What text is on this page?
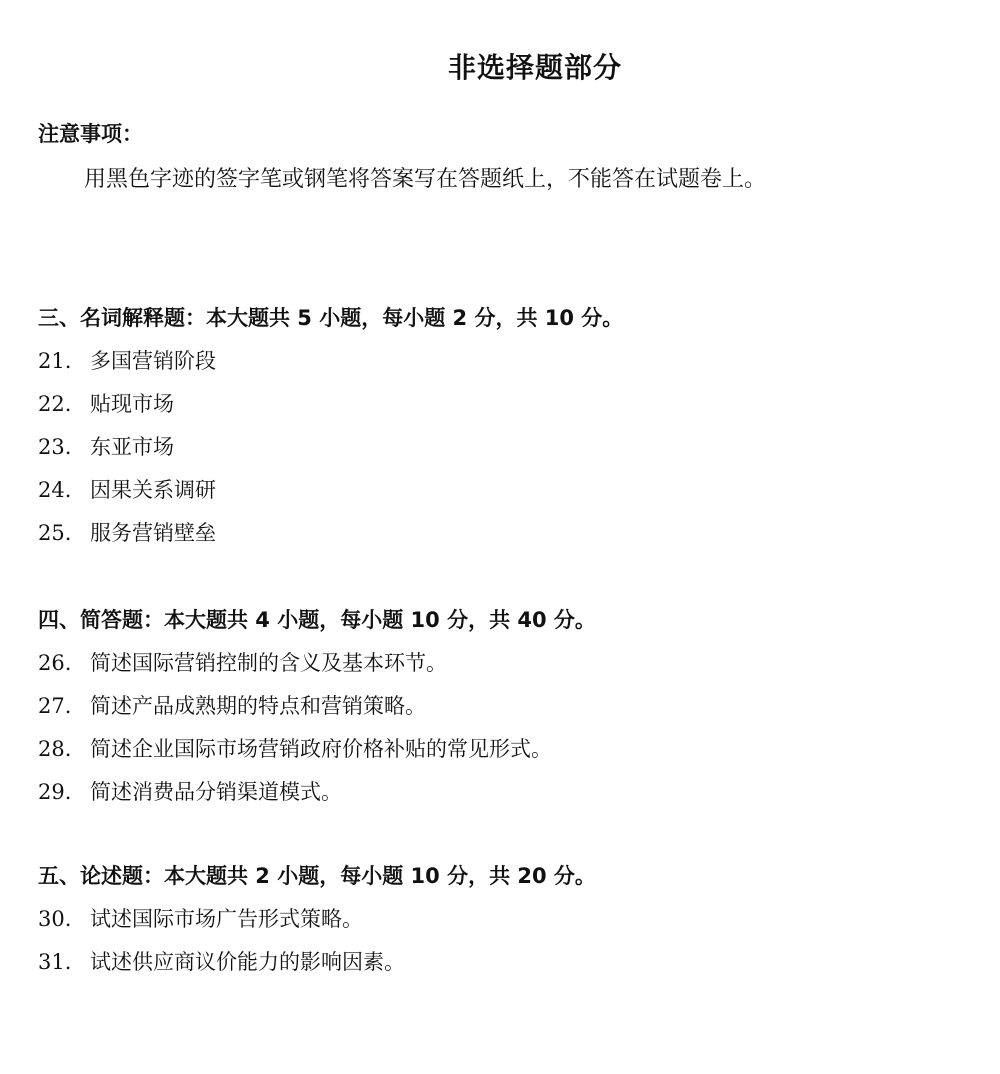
非选择题部分
注意事项：
用黑色字迹的签字笔或钢笔将答案写在答题纸上，不能答在试题卷上。
三、名词解释题：本大题共 5 小题，每小题 2 分，共 10 分。
21. 多国营销阶段
22. 贴现市场
23. 东亚市场
24. 因果关系调研
25. 服务营销壁垒
四、简答题：本大题共 4 小题，每小题 10 分，共 40 分。
26. 简述国际营销控制的含义及基本环节。
27. 简述产品成熟期的特点和营销策略。
28. 简述企业国际市场营销政府价格补贴的常见形式。
29. 简述消费品分销渠道模式。
五、论述题：本大题共 2 小题，每小题 10 分，共 20 分。
30. 试述国际市场广告形式策略。
31. 试述供应商议价能力的影响因素。
